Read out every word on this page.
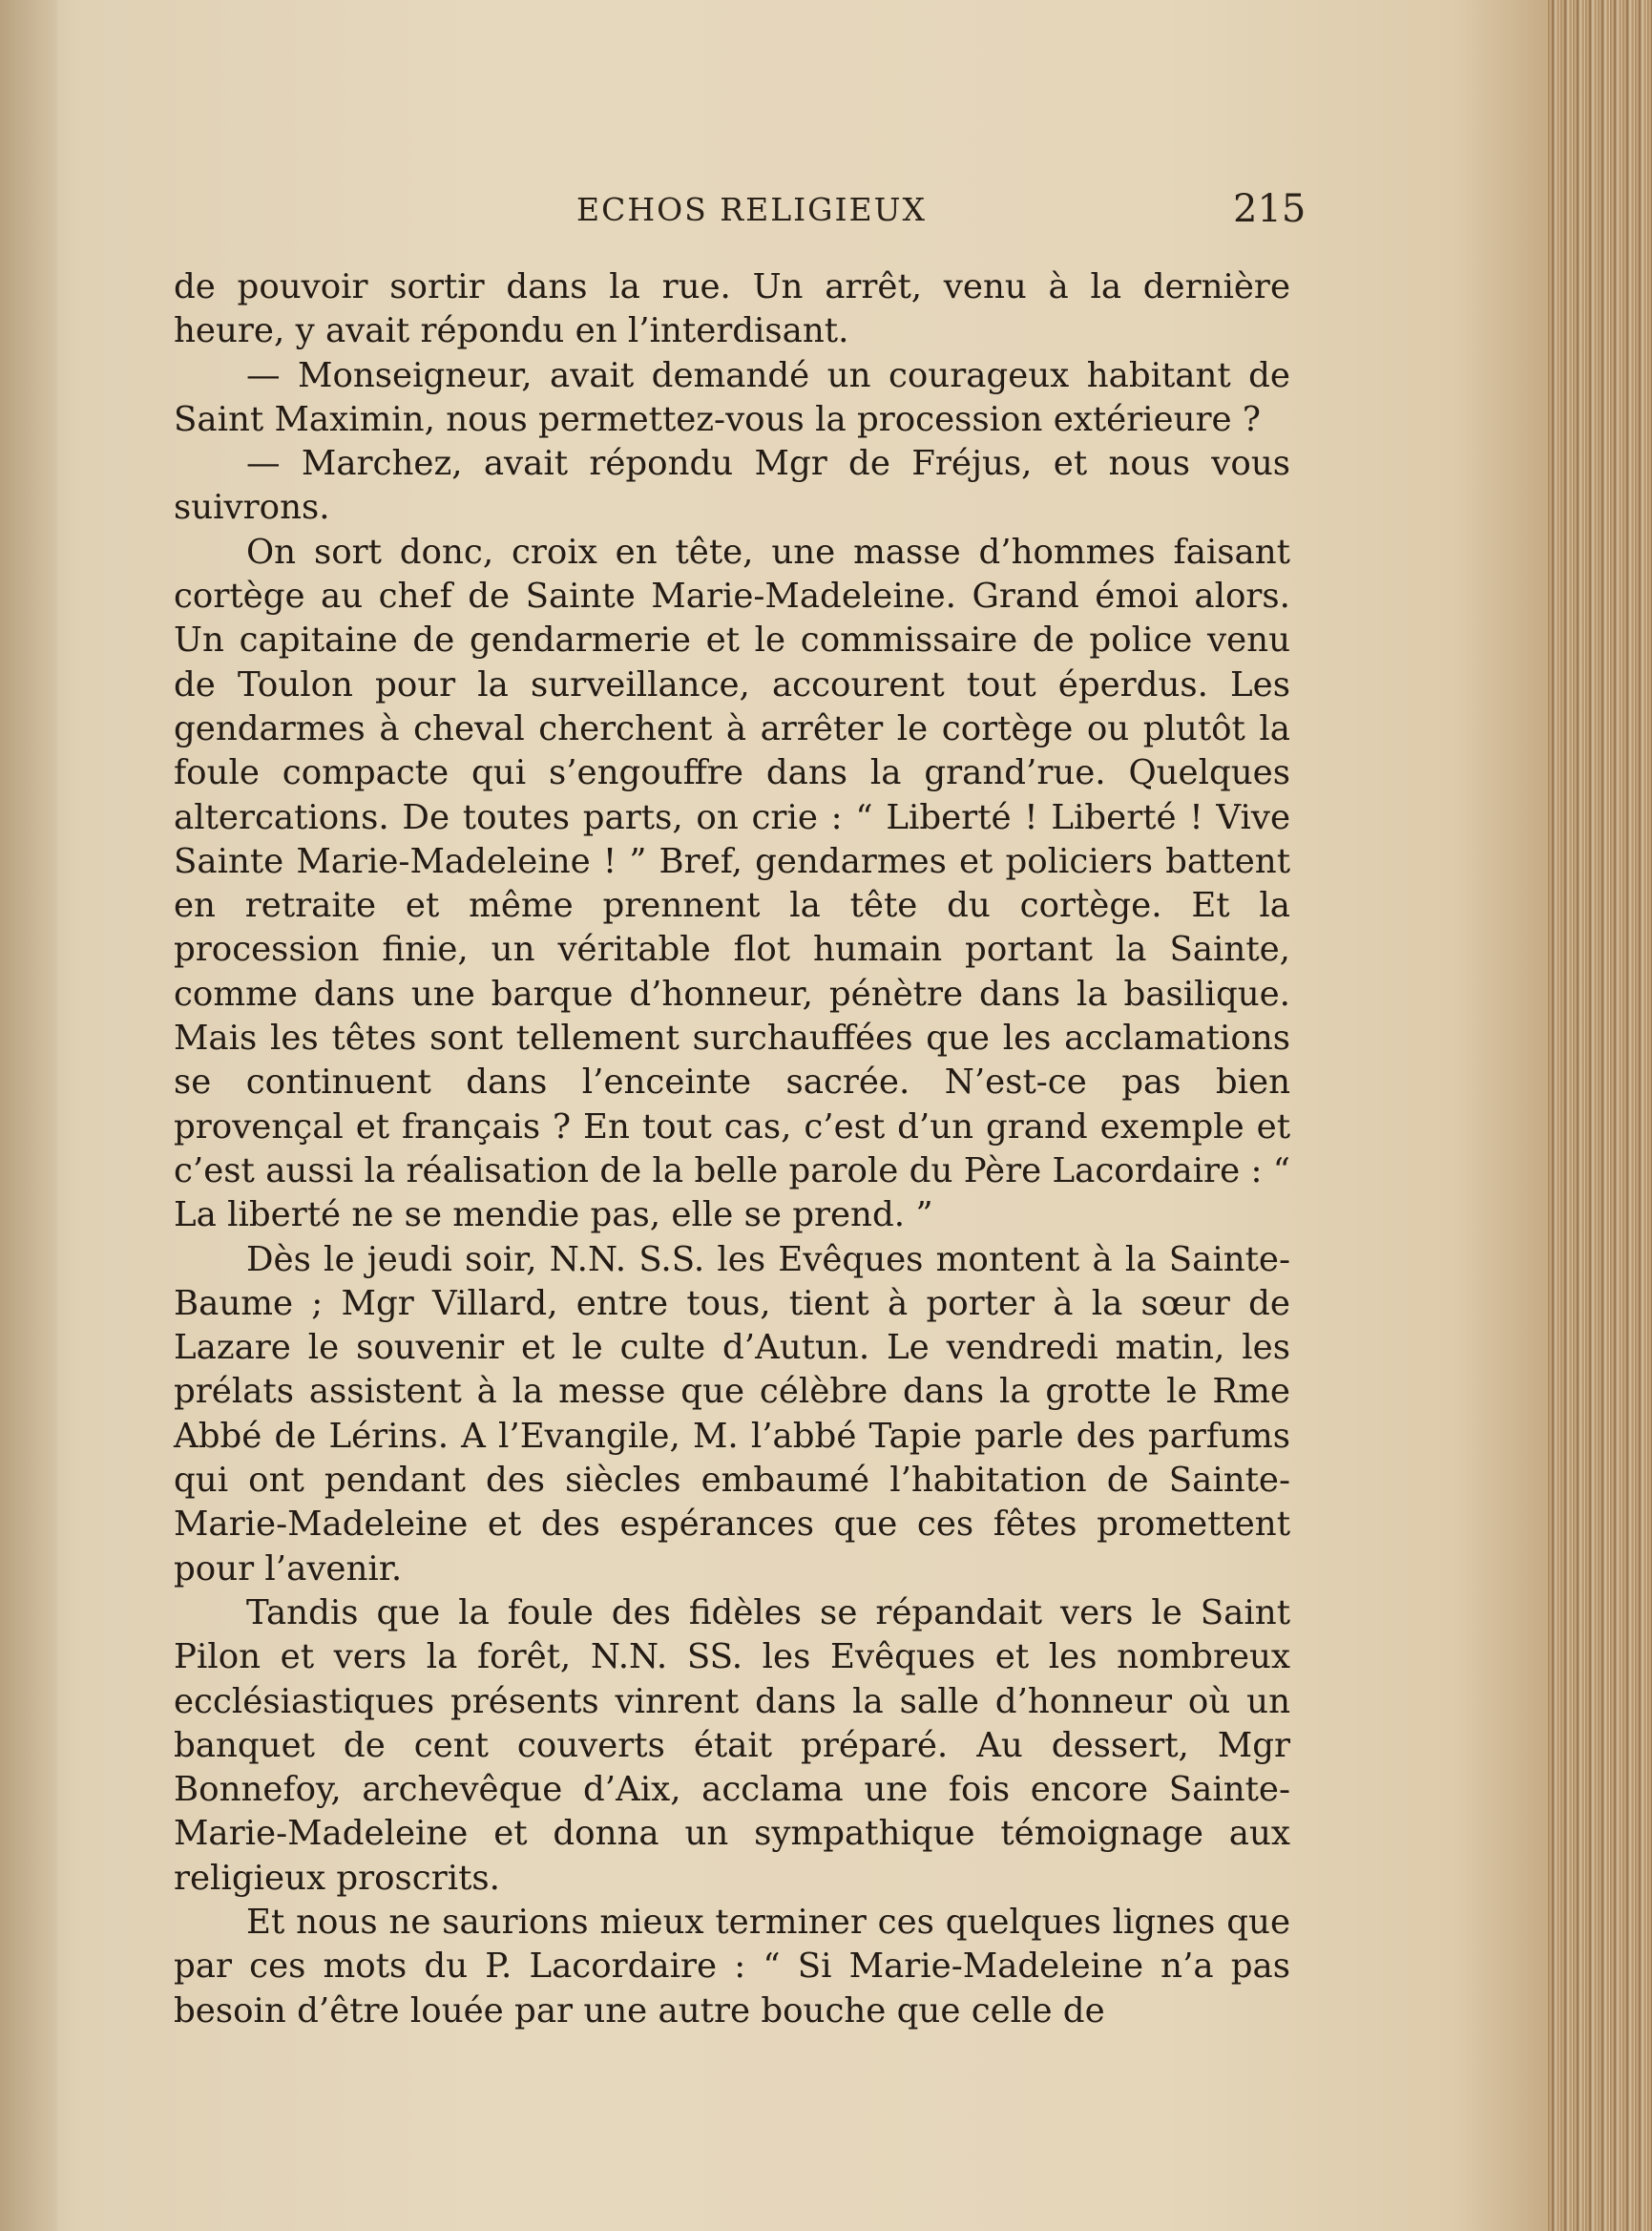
ECHOS RELIGIEUX	215

de pouvoir sortir dans la rue. Un arrêt, venu à la dernière heure, y avait répondu en l’interdisant.

— Monseigneur, avait demandé un courageux habitant de Saint Maximin, nous permettez-vous la procession extérieure ?

— Marchez, avait répondu Mgr de Fréjus, et nous vous suivrons.

On sort donc, croix en tête, une masse d’hommes faisant cortège au chef de Sainte Marie-Madeleine. Grand émoi alors. Un capitaine de gendarmerie et le commissaire de police venu de Toulon pour la surveillance, accourent tout éperdus. Les gendarmes à cheval cherchent à arrêter le cortège ou plutôt la foule compacte qui s’engouffre dans la grand’rue. Quelques altercations. De toutes parts, on crie : “ Liberté ! Liberté ! Vive Sainte Marie-Madeleine ! ” Bref, gendarmes et policiers battent en retraite et même prennent la tête du cortège. Et la procession finie, un véritable flot humain portant la Sainte, comme dans une barque d’honneur, pénètre dans la basilique. Mais les têtes sont tellement surchauffées que les acclamations se continuent dans l’enceinte sacrée. N’est-ce pas bien provençal et français ? En tout cas, c’est d’un grand exemple et c’est aussi la réalisation de la belle parole du Père Lacordaire : “ La liberté ne se mendie pas, elle se prend. ”

Dès le jeudi soir, N.N. S.S. les Evêques montent à la Sainte-Baume ; Mgr Villard, entre tous, tient à porter à la sœur de Lazare le souvenir et le culte d’Autun. Le vendredi matin, les prélats assistent à la messe que célèbre dans la grotte le Rme Abbé de Lérins. A l’Evangile, M. l’abbé Tapie parle des parfums qui ont pendant des siècles embaumé l’habitation de Sainte-Marie-Madeleine et des espérances que ces fêtes promettent pour l’avenir.

Tandis que la foule des fidèles se répandait vers le Saint Pilon et vers la forêt, N.N. SS. les Evêques et les nombreux ecclésiastiques présents vinrent dans la salle d’honneur où un banquet de cent couverts était préparé. Au dessert, Mgr Bonnefoy, archevêque d’Aix, acclama une fois encore Sainte-Marie-Madeleine et donna un sympathique témoignage aux religieux proscrits.

Et nous ne saurions mieux terminer ces quelques lignes que par ces mots du P. Lacordaire : “ Si Marie-Madeleine n’a pas besoin d’être louée par une autre bouche que celle de
